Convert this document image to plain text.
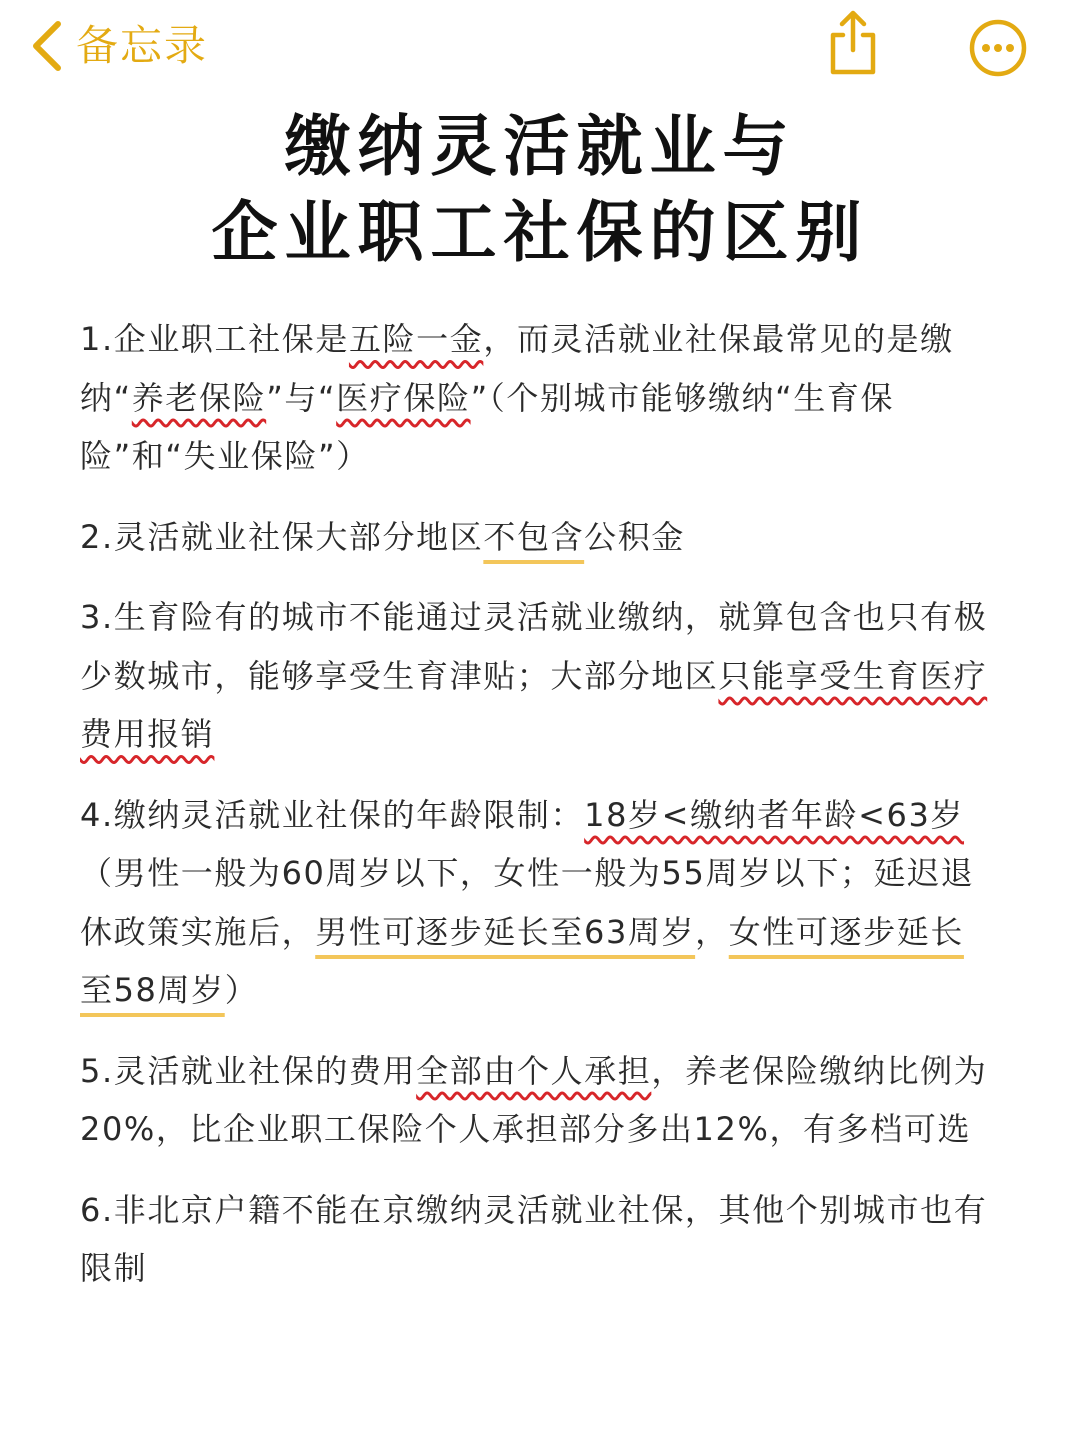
备忘录
缴纳灵活就业与
企业职工社保的区别

1.企业职工社保是五险一金，而灵活就业社保最常见的是缴纳“养老保险”与“医疗保险”（个别城市能够缴纳“生育保险”和“失业保险”）

2.灵活就业社保大部分地区不包含公积金

3.生育险有的城市不能通过灵活就业缴纳，就算包含也只有极少数城市，能够享受生育津贴；大部分地区只能享受生育医疗费用报销

4.缴纳灵活就业社保的年龄限制：18岁<缴纳者年龄<63岁（男性一般为60周岁以下，女性一般为55周岁以下；延迟退休政策实施后，男性可逐步延长至63周岁，女性可逐步延长至58周岁）

5.灵活就业社保的费用全部由个人承担，养老保险缴纳比例为20%，比企业职工保险个人承担部分多出12%，有多档可选

6.非北京户籍不能在京缴纳灵活就业社保，其他个别城市也有限制
